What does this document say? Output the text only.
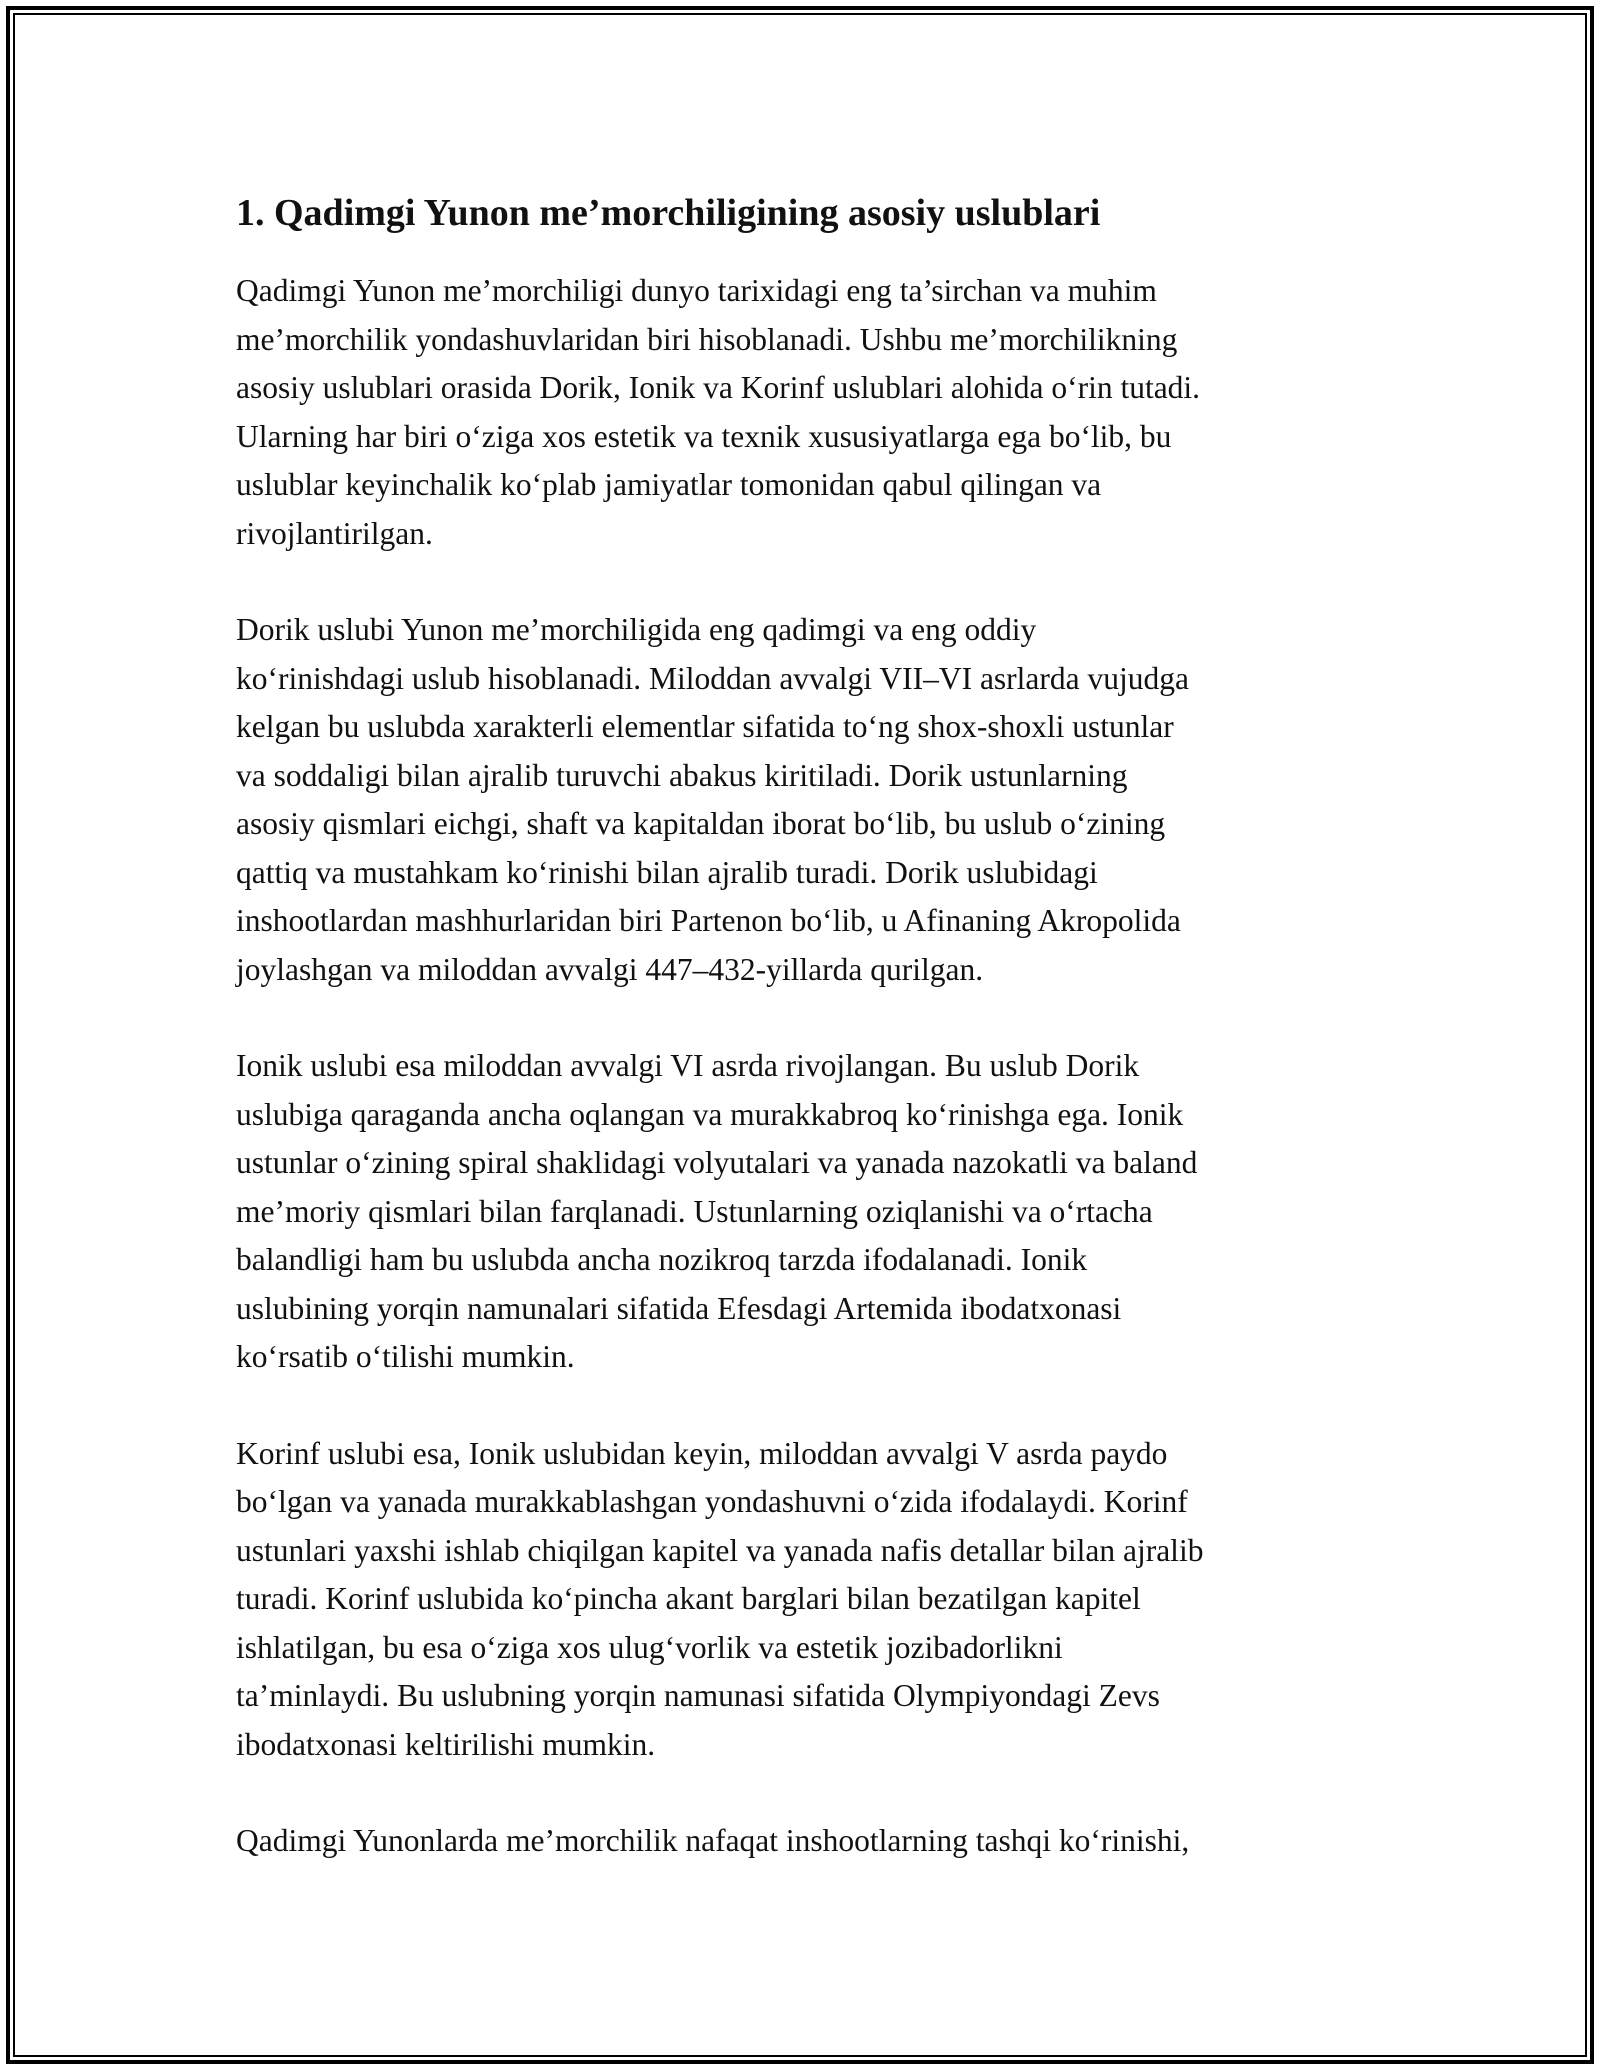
1. Qadimgi Yunon me’morchiligining asosiy uslublari

Qadimgi Yunon me’morchiligi dunyo tarixidagi eng ta’sirchan va muhim
me’morchilik yondashuvlaridan biri hisoblanadi. Ushbu me’morchilikning
asosiy uslublari orasida Dorik, Ionik va Korinf uslublari alohida oʻrin tutadi.
Ularning har biri oʻziga xos estetik va texnik xususiyatlarga ega boʻlib, bu
uslublar keyinchalik koʻplab jamiyatlar tomonidan qabul qilingan va
rivojlantirilgan.

Dorik uslubi Yunon me’morchiligida eng qadimgi va eng oddiy
koʻrinishdagi uslub hisoblanadi. Miloddan avvalgi VII–VI asrlarda vujudga
kelgan bu uslubda xarakterli elementlar sifatida toʻng shox-shoxli ustunlar
va soddaligi bilan ajralib turuvchi abakus kiritiladi. Dorik ustunlarning
asosiy qismlari eichgi, shaft va kapitaldan iborat boʻlib, bu uslub oʻzining
qattiq va mustahkam koʻrinishi bilan ajralib turadi. Dorik uslubidagi
inshootlardan mashhurlaridan biri Partenon boʻlib, u Afinaning Akropolida
joylashgan va miloddan avvalgi 447–432-yillarda qurilgan.

Ionik uslubi esa miloddan avvalgi VI asrda rivojlangan. Bu uslub Dorik
uslubiga qaraganda ancha oqlangan va murakkabroq koʻrinishga ega. Ionik
ustunlar oʻzining spiral shaklidagi volyutalari va yanada nazokatli va baland
me’moriy qismlari bilan farqlanadi. Ustunlarning oziqlanishi va oʻrtacha
balandligi ham bu uslubda ancha nozikroq tarzda ifodalanadi. Ionik
uslubining yorqin namunalari sifatida Efesdagi Artemida ibodatxonasi
koʻrsatib oʻtilishi mumkin.

Korinf uslubi esa, Ionik uslubidan keyin, miloddan avvalgi V asrda paydo
boʻlgan va yanada murakkablashgan yondashuvni oʻzida ifodalaydi. Korinf
ustunlari yaxshi ishlab chiqilgan kapitel va yanada nafis detallar bilan ajralib
turadi. Korinf uslubida koʻpincha akant barglari bilan bezatilgan kapitel
ishlatilgan, bu esa oʻziga xos ulugʻvorlik va estetik jozibadorlikni
ta’minlaydi. Bu uslubning yorqin namunasi sifatida Olympiyondagi Zevs
ibodatxonasi keltirilishi mumkin.

Qadimgi Yunonlarda me’morchilik nafaqat inshootlarning tashqi koʻrinishi,
